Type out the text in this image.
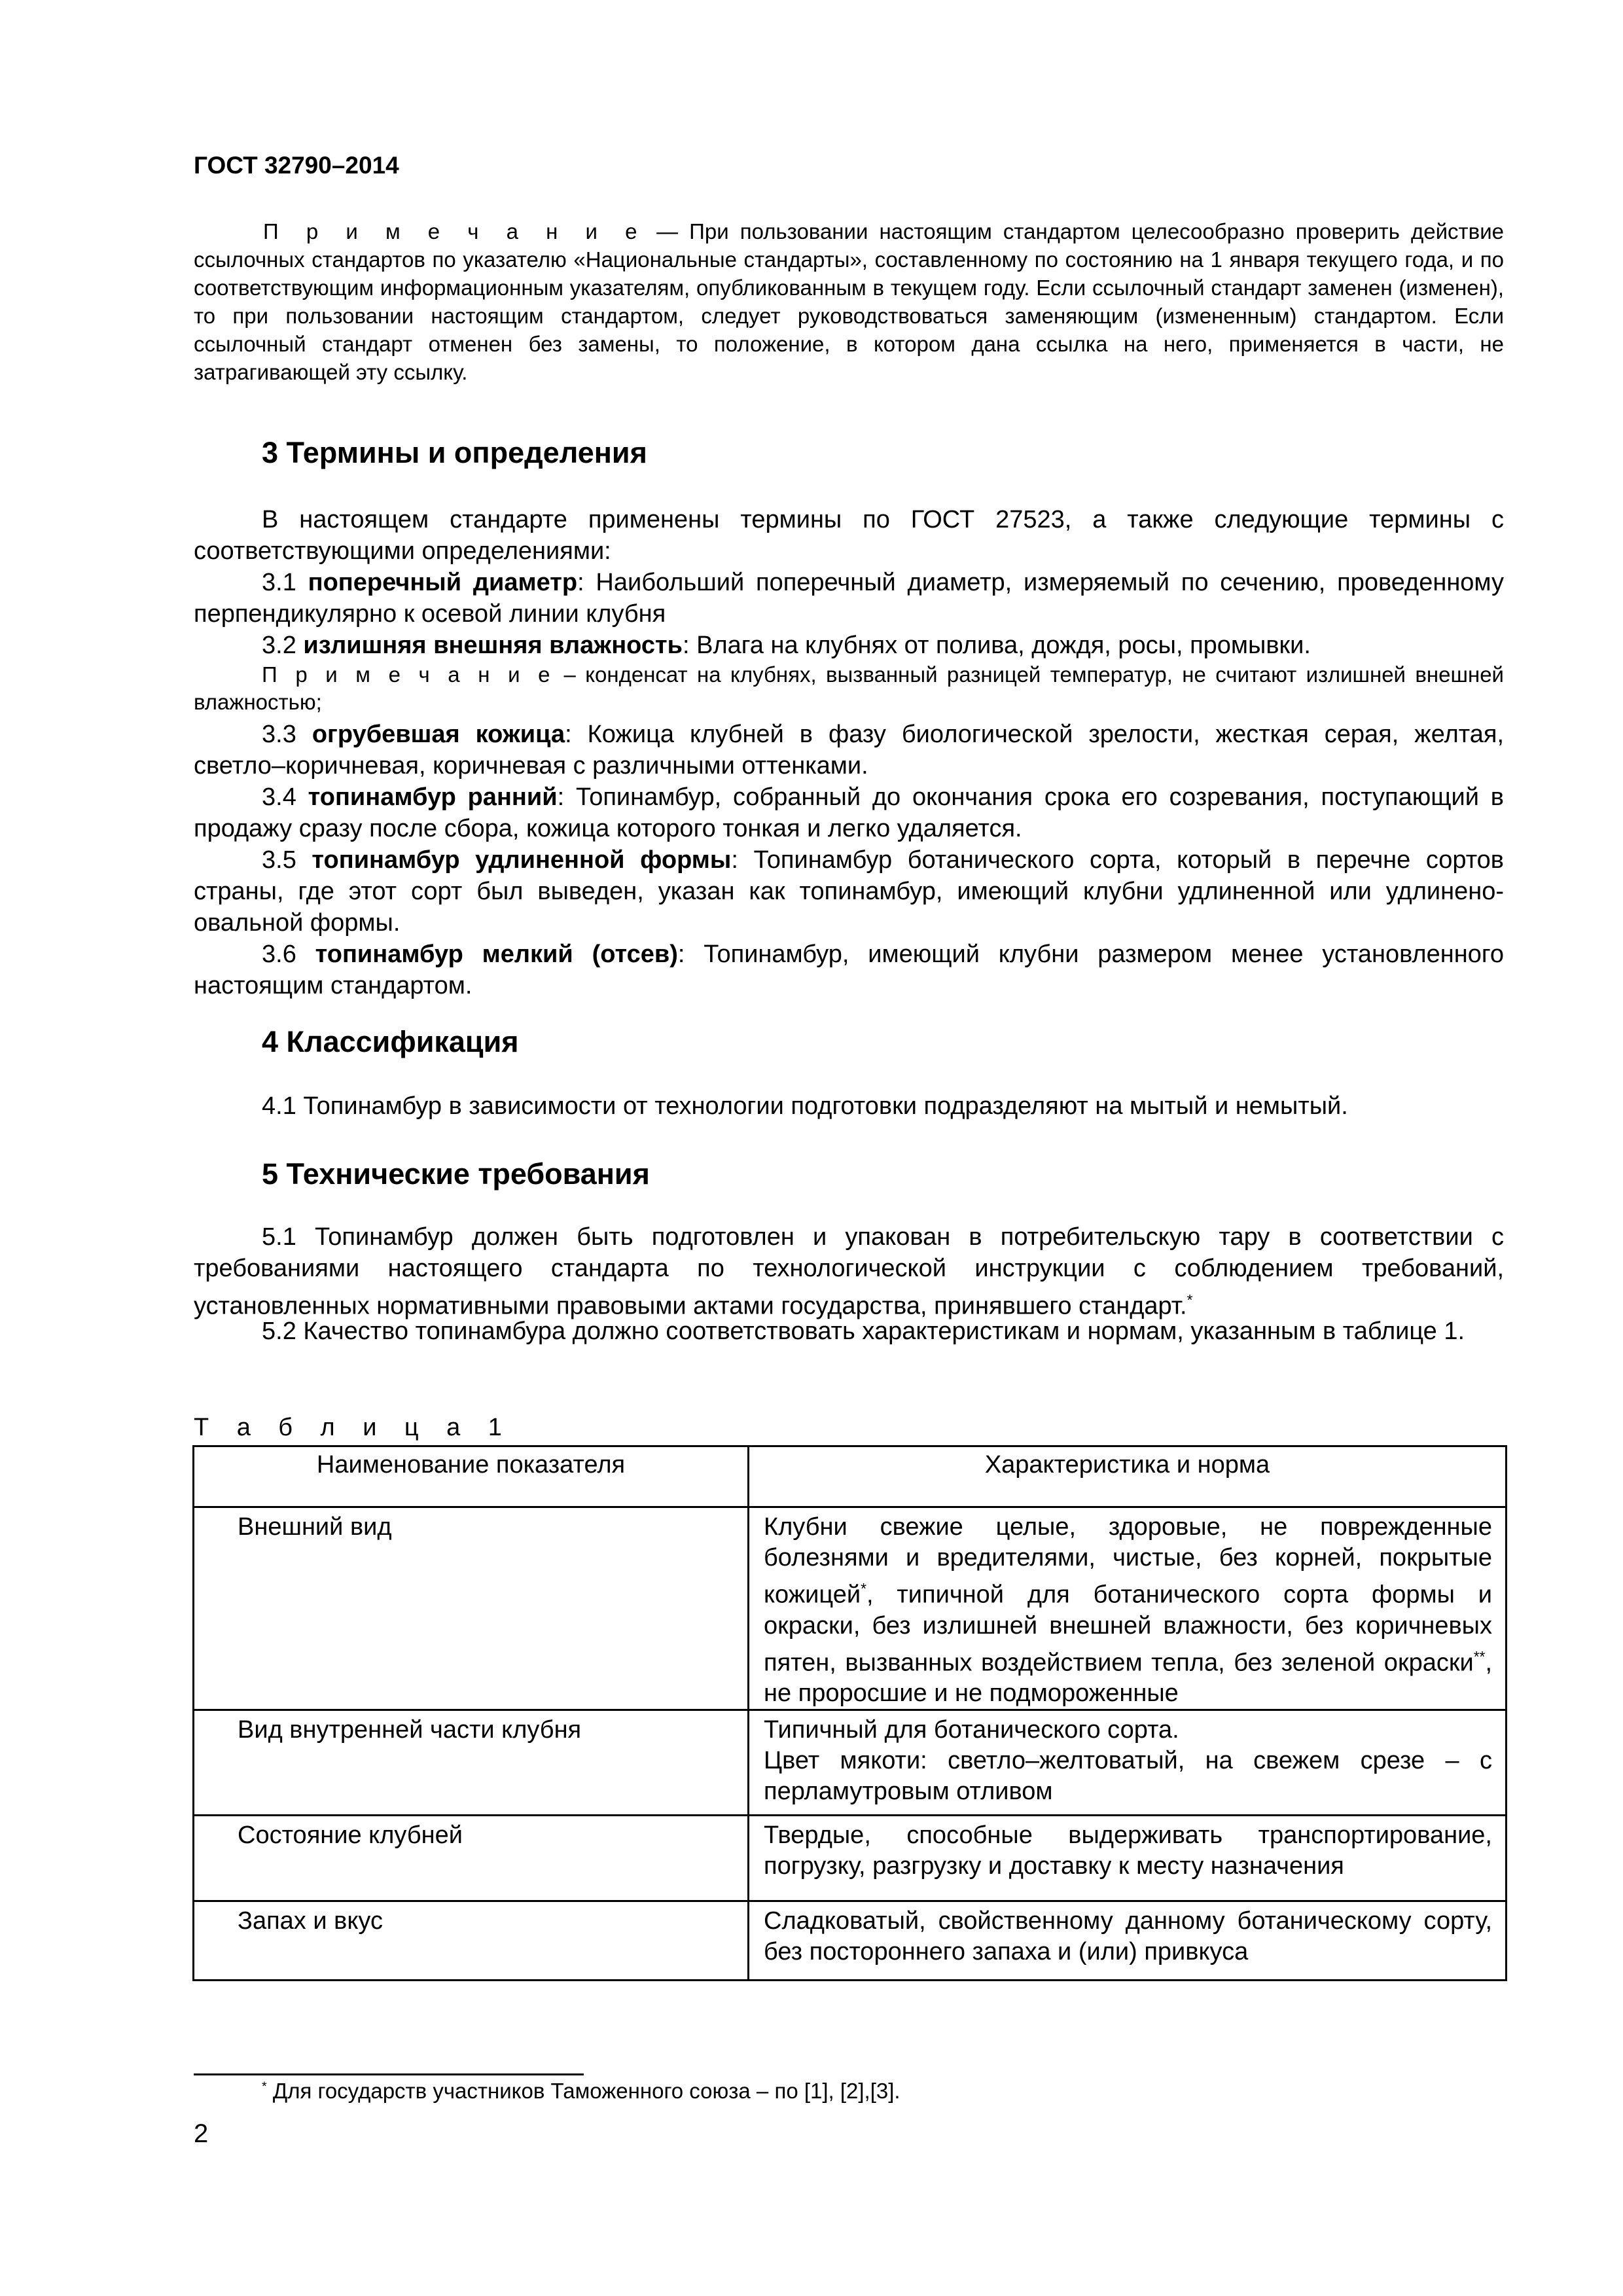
ГОСТ 32790–2014

П р и м е ч а н и е — При пользовании настоящим стандартом целесообразно проверить действие ссылочных стандартов по указателю «Национальные стандарты», составленному по состоянию на 1 января текущего года, и по соответствующим информационным указателям, опубликованным в текущем году. Если ссылочный стандарт заменен (изменен), то при пользовании настоящим стандартом, следует руководствоваться заменяющим (измененным) стандартом. Если ссылочный стандарт отменен без замены, то положение, в котором дана ссылка на него, применяется в части, не затрагивающей эту ссылку.

3 Термины и определения

В настоящем стандарте применены термины по ГОСТ 27523, а также следующие термины с соответствующими определениями:

3.1 поперечный диаметр: Наибольший поперечный диаметр, измеряемый по сечению, проведенному перпендикулярно к осевой линии клубня

3.2 излишняя внешняя влажность: Влага на клубнях от полива, дождя, росы, промывки.

П р и м е ч а н и е – конденсат на клубнях, вызванный разницей температур, не считают излишней внешней влажностью;

3.3 огрубевшая кожица: Кожица клубней в фазу биологической зрелости, жесткая серая, желтая, светло–коричневая, коричневая с различными оттенками.

3.4 топинамбур ранний: Топинамбур, собранный до окончания срока его созревания, поступающий в продажу сразу после сбора, кожица которого тонкая и легко удаляется.

3.5 топинамбур удлиненной формы: Топинамбур ботанического сорта, который в перечне сортов страны, где этот сорт был выведен, указан как топинамбур, имеющий клубни удлиненной или удлинено-овальной формы.

3.6 топинамбур мелкий (отсев): Топинамбур, имеющий клубни размером менее установленного настоящим стандартом.

4 Классификация

4.1 Топинамбур в зависимости от технологии подготовки подразделяют на мытый и немытый.

5 Технические требования

5.1 Топинамбур должен быть подготовлен и упакован в потребительскую тару в соответствии с требованиями настоящего стандарта по технологической инструкции с соблюдением требований, установленных нормативными правовыми актами государства, принявшего стандарт.*

5.2 Качество топинамбура должно соответствовать характеристикам и нормам, указанным в таблице 1.

Т а б л и ц а 1
Наименование показателя	Характеристика и норма
Внешний вид	Клубни свежие целые, здоровые, не поврежденные болезнями и вредителями, чистые, без корней, покрытые кожицей*, типичной для ботанического сорта формы и окраски, без излишней внешней влажности, без коричневых пятен, вызванных воздействием тепла, без зеленой окраски**, не проросшие и не подмороженные
Вид внутренней части клубня	Типичный для ботанического сорта.
Цвет мякоти: светло–желтоватый, на свежем срезе – с перламутровым отливом

Состояние клубней	Твердые, способные выдерживать транспортирование, погрузку, разгрузку и доставку к месту назначения
Запах и вкус	Сладковатый, свойственному данному ботаническому сорту, без постороннего запаха и (или) привкуса
* Для государств участников Таможенного союза – по [1], [2],[3].
2
